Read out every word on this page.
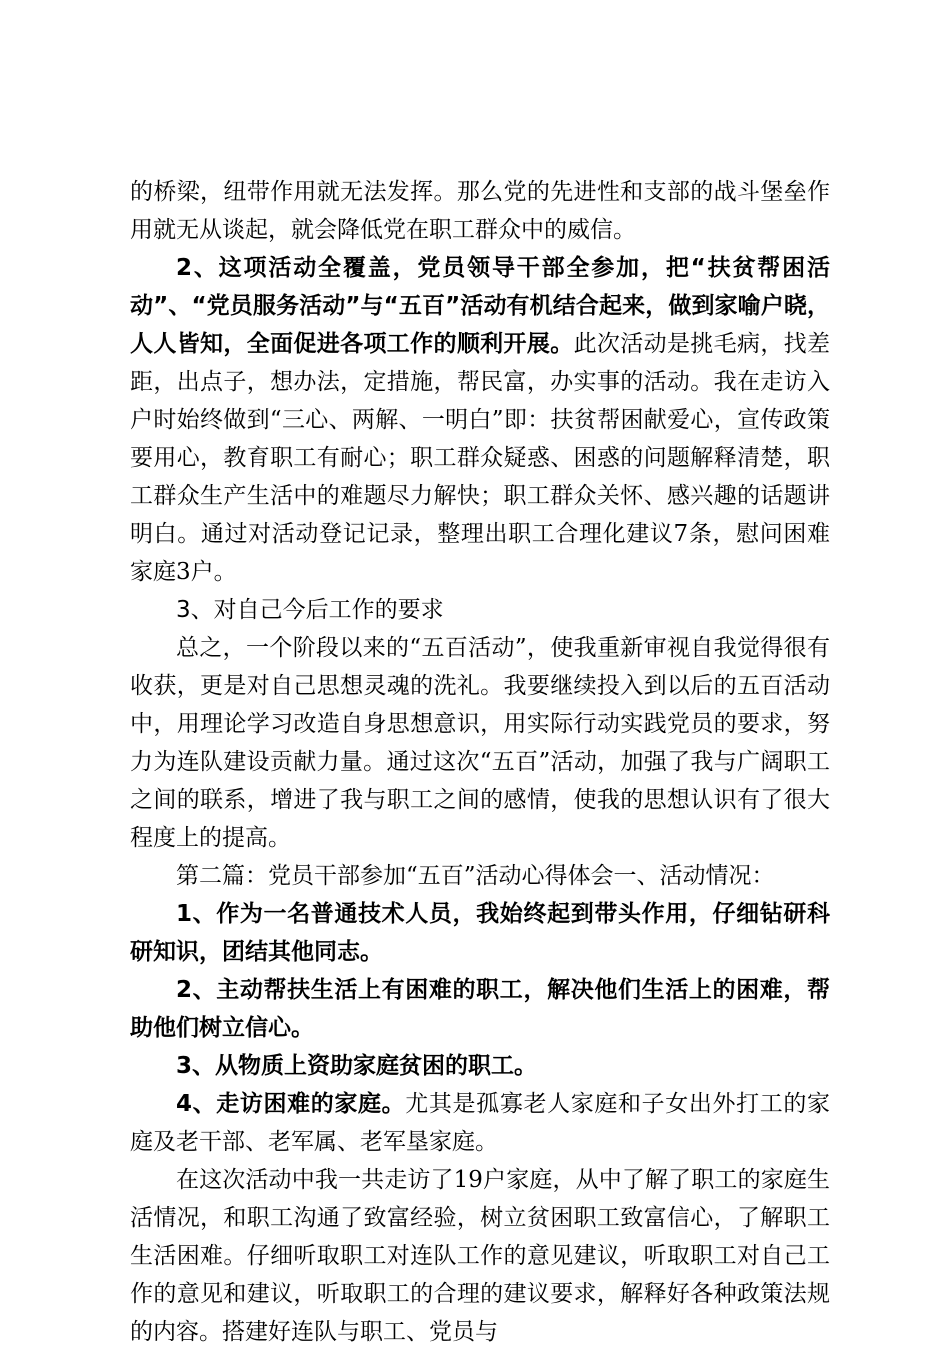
的桥梁，纽带作用就无法发挥。那么党的先进性和支部的战斗堡垒作用就无从谈起，就会降低党在职工群众中的威信。

2、这项活动全覆盖，党员领导干部全参加，把“扶贫帮困活动”、“党员服务活动”与“五百”活动有机结合起来，做到家喻户晓，人人皆知，全面促进各项工作的顺利开展。此次活动是挑毛病，找差距，出点子，想办法，定措施，帮民富，办实事的活动。我在走访入户时始终做到“三心、两解、一明白”即：扶贫帮困献爱心，宣传政策要用心，教育职工有耐心；职工群众疑惑、困惑的问题解释清楚，职工群众生产生活中的难题尽力解快；职工群众关怀、感兴趣的话题讲明白。通过对活动登记记录，整理出职工合理化建议7条，慰问困难家庭3户。

3、对自己今后工作的要求

总之，一个阶段以来的“五百活动”，使我重新审视自我觉得很有收获，更是对自己思想灵魂的洗礼。我要继续投入到以后的五百活动中，用理论学习改造自身思想意识，用实际行动实践党员的要求，努力为连队建设贡献力量。通过这次“五百”活动，加强了我与广阔职工之间的联系，增进了我与职工之间的感情，使我的思想认识有了很大程度上的提高。

第二篇：党员干部参加“五百”活动心得体会一、活动情况：

1、作为一名普通技术人员，我始终起到带头作用，仔细钻研科研知识，团结其他同志。

2、主动帮扶生活上有困难的职工，解决他们生活上的困难，帮助他们树立信心。

3、从物质上资助家庭贫困的职工。

4、走访困难的家庭。尤其是孤寡老人家庭和子女出外打工的家庭及老干部、老军属、老军垦家庭。

在这次活动中我一共走访了19户家庭，从中了解了职工的家庭生活情况，和职工沟通了致富经验，树立贫困职工致富信心，了解职工生活困难。仔细听取职工对连队工作的意见建议，听取职工对自己工作的意见和建议，听取职工的合理的建议要求，解释好各种政策法规的内容。搭建好连队与职工、党员与
